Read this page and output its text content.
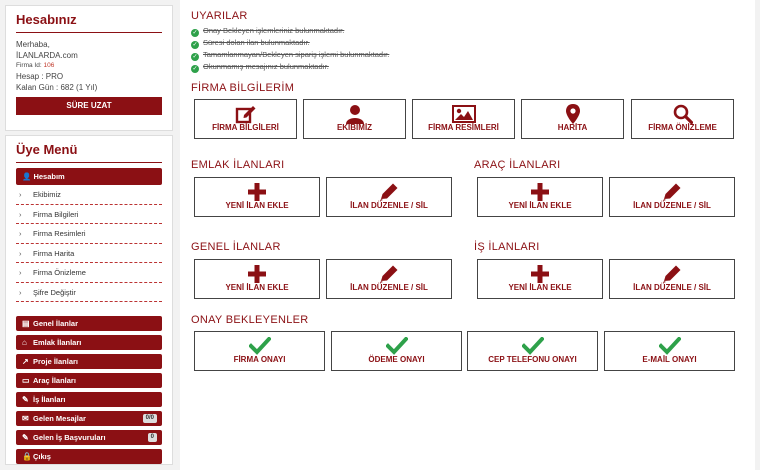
Hesabınız
Merhaba,
İLANLARDA.com
Firma Id: 106
Hesap : PRO
Kalan Gün : 682 (1 Yıl)
SÜRE UZAT
Üye Menü
👤 Hesabım
› Ekibimiz
› Firma Bilgileri
› Firma Resimleri
› Firma Harita
› Firma Önizleme
› Şifre Değiştir
▤ Genel İlanlar
⌂ Emlak İlanları
↗ Proje İlanları
▭ Araç İlanları
✎ İş İlanları
✉ Gelen Mesajlar	0/0
✎ Gelen İş Başvuruları	0
🔒Çıkış
UYARILAR
✓ Onay Bekleyen işlemleriniz bulunmaktadır.
✓ Süresi dolan ilan bulunmaktadır.
✓ Tamamlanmayan/Bekleyen sipariş işlemi bulunmaktadır.
✓ Okunmamış mesajınız bulunmaktadır.
FİRMA BİLGİLERİM
FİRMA BİLGİLERİ	EKİBİMİZ	FİRMA RESİMLERİ	HARİTA	FİRMA ÖNİZLEME
EMLAK İLANLARI	ARAÇ İLANLARI
GENEL İLANLAR	İŞ İLANLARI
YENİ İLAN EKLE	İLAN DÜZENLE / SİL	YENİ İLAN EKLE	İLAN DÜZENLE / SİL
YENİ İLAN EKLE	İLAN DÜZENLE / SİL	YENİ İLAN EKLE	İLAN DÜZENLE / SİL
ONAY BEKLEYENLER
FİRMA ONAYI	ÖDEME ONAYI	CEP TELEFONU ONAYI	E-MAİL ONAYI
